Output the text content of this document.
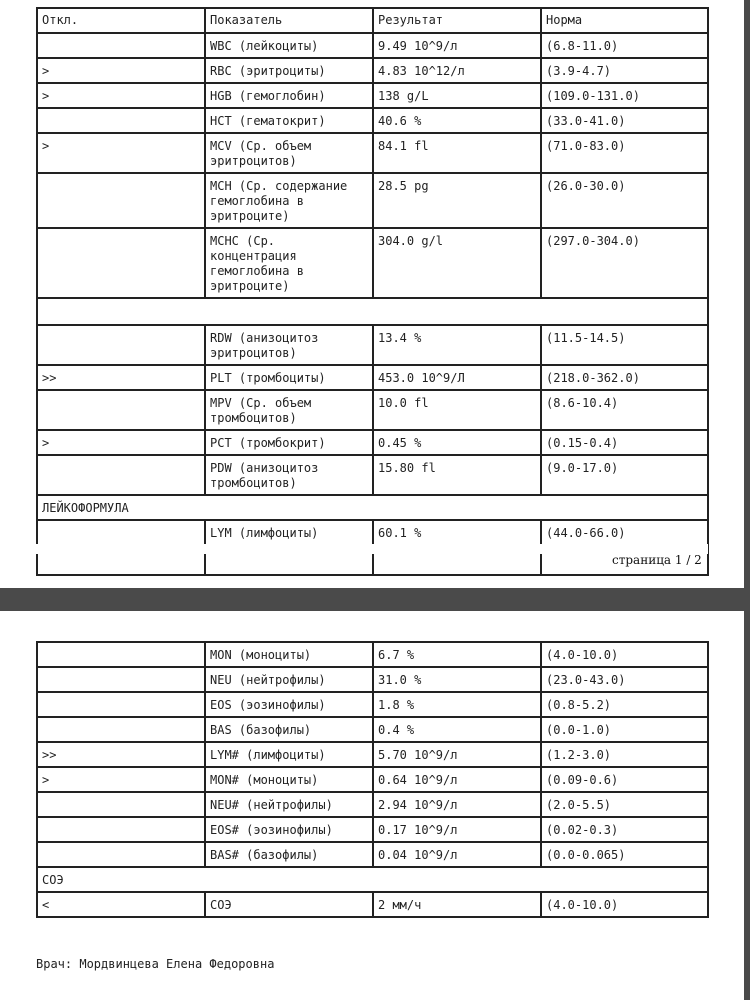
Откл.	Показатель	Результат	Норма
	WBC (лейкоциты)	9.49 10^9/л	(6.8-11.0)
>	RBC (эритроциты)	4.83 10^12/л	(3.9-4.7)
>	HGB (гемоглобин)	138 g/L	(109.0-131.0)
	HCT (гематокрит)	40.6 %	(33.0-41.0)
>	MCV (Ср. объем эритроцитов)	84.1 fl	(71.0-83.0)
	MCH (Ср. содержание гемоглобина в эритроците)	28.5 pg	(26.0-30.0)
	MCHC (Ср. концентрация гемоглобина в эритроците)	304.0 g/l	(297.0-304.0)

	RDW (анизоцитоз эритроцитов)	13.4 %	(11.5-14.5)
>>	PLT (тромбоциты)	453.0 10^9/Л	(218.0-362.0)
	MPV (Ср. объем тромбоцитов)	10.0 fl	(8.6-10.4)
>	PCT (тромбокрит)	0.45 %	(0.15-0.4)
	PDW (анизоцитоз тромбоцитов)	15.80 fl	(9.0-17.0)
ЛЕЙКОФОРМУЛА			
	LYM (лимфоциты)	60.1 %	(44.0-66.0)

страница 1 / 2
	MON (моноциты)	6.7 %	(4.0-10.0)
	NEU (нейтрофилы)	31.0 %	(23.0-43.0)
	EOS (эозинофилы)	1.8 %	(0.8-5.2)
	BAS (базофилы)	0.4 %	(0.0-1.0)
>>	LYM# (лимфоциты)	5.70 10^9/л	(1.2-3.0)
>	MON# (моноциты)	0.64 10^9/л	(0.09-0.6)
	NEU# (нейтрофилы)	2.94 10^9/л	(2.0-5.5)
	EOS# (эозинофилы)	0.17 10^9/л	(0.02-0.3)
	BAS# (базофилы)	0.04 10^9/л	(0.0-0.065)
СОЭ			
<	СОЭ	2 мм/ч	(4.0-10.0)
Врач: Мордвинцева Елена Федоровна
